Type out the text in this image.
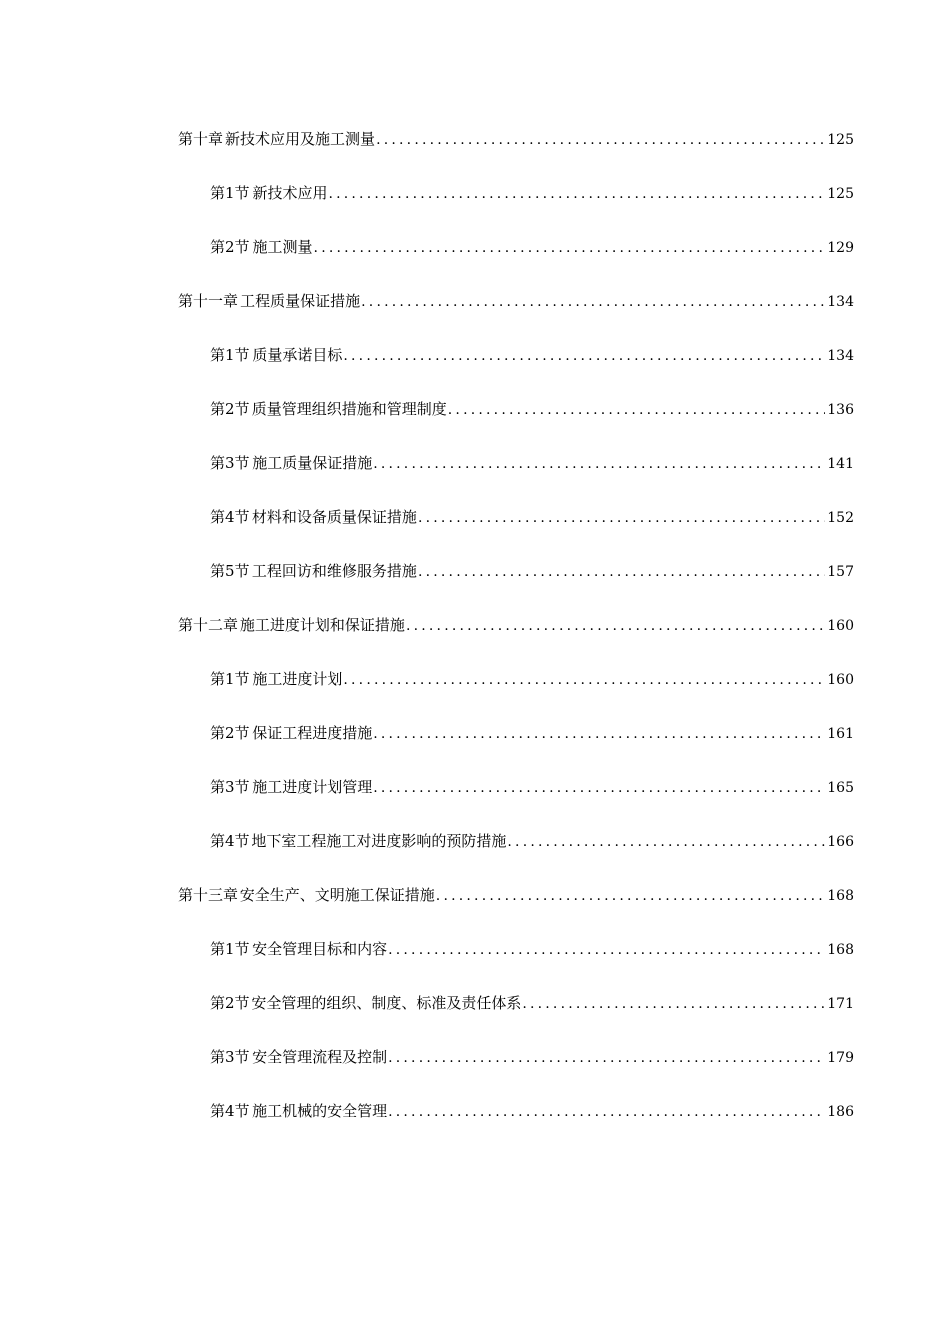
第十章 新技术应用及施工测量 .....	125
第1节 新技术应用 .....	125
第2节 施工测量 .....	129
第十一章 工程质量保证措施 .....	134
第1节 质量承诺目标 .....	134
第2节 质量管理组织措施和管理制度 .....	136
第3节 施工质量保证措施 .....	141
第4节 材料和设备质量保证措施 .....	152
第5节 工程回访和维修服务措施 .....	157
第十二章 施工进度计划和保证措施 .....	160
第1节 施工进度计划 .....	160
第2节 保证工程进度措施 .....	161
第3节 施工进度计划管理 .....	165
第4节 地下室工程施工对进度影响的预防措施 .....	166
第十三章 安全生产、文明施工保证措施 .....	168
第1节 安全管理目标和内容 .....	168
第2节 安全管理的组织、制度、标准及责任体系 .....	171
第3节 安全管理流程及控制 .....	179
第4节 施工机械的安全管理 .....	186
